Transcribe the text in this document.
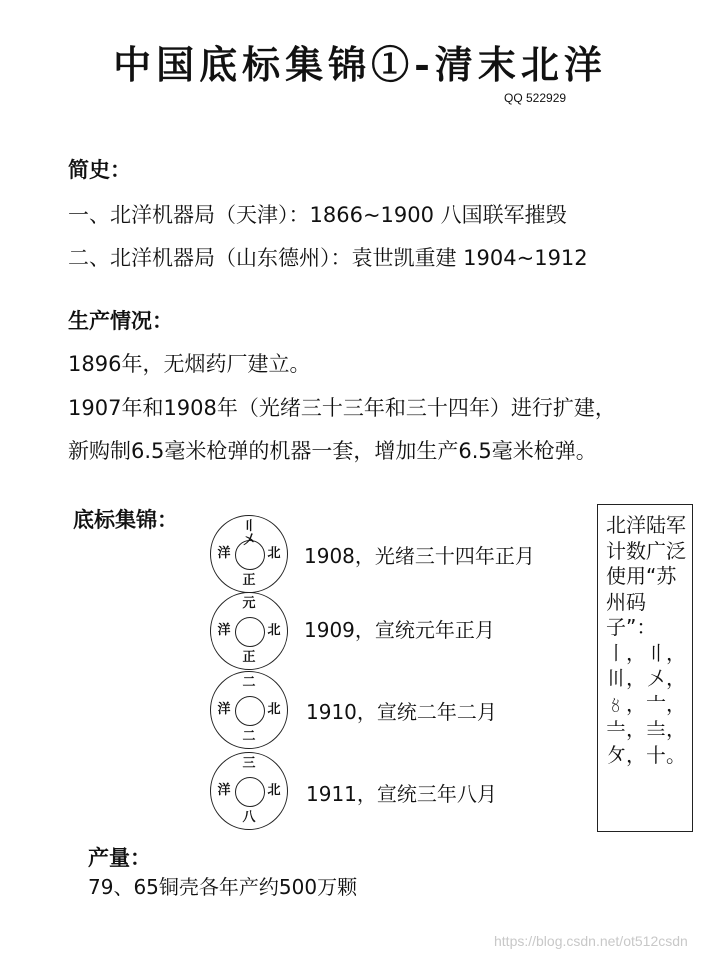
中国底标集锦①-清末北洋
QQ 522929
简史：
一、北洋机器局（天津）：1866~1900 八国联军摧毁
二、北洋机器局（山东德州）：袁世凯重建 1904~1912
生产情况：
1896年，无烟药厂建立。
1907年和1908年（光绪三十三年和三十四年）进行扩建，
新购制6.5毫米枪弹的机器一套，增加生产6.5毫米枪弹。
底标集锦：	〢〤
洋	北
正
1908，光绪三十四年正月
元
洋	北
正
1909，宣统元年正月
二
洋	北
二
1910，宣统二年二月
三
洋	北
八
1911，宣统三年八月
北洋陆军计数广泛使用“苏州码子”：〡，〢，〣，〤，〥，〦，〧，〨，〩，〸。
产量：
79、65铜壳各年产约500万颗
https://blog.csdn.net/ot512csdn
